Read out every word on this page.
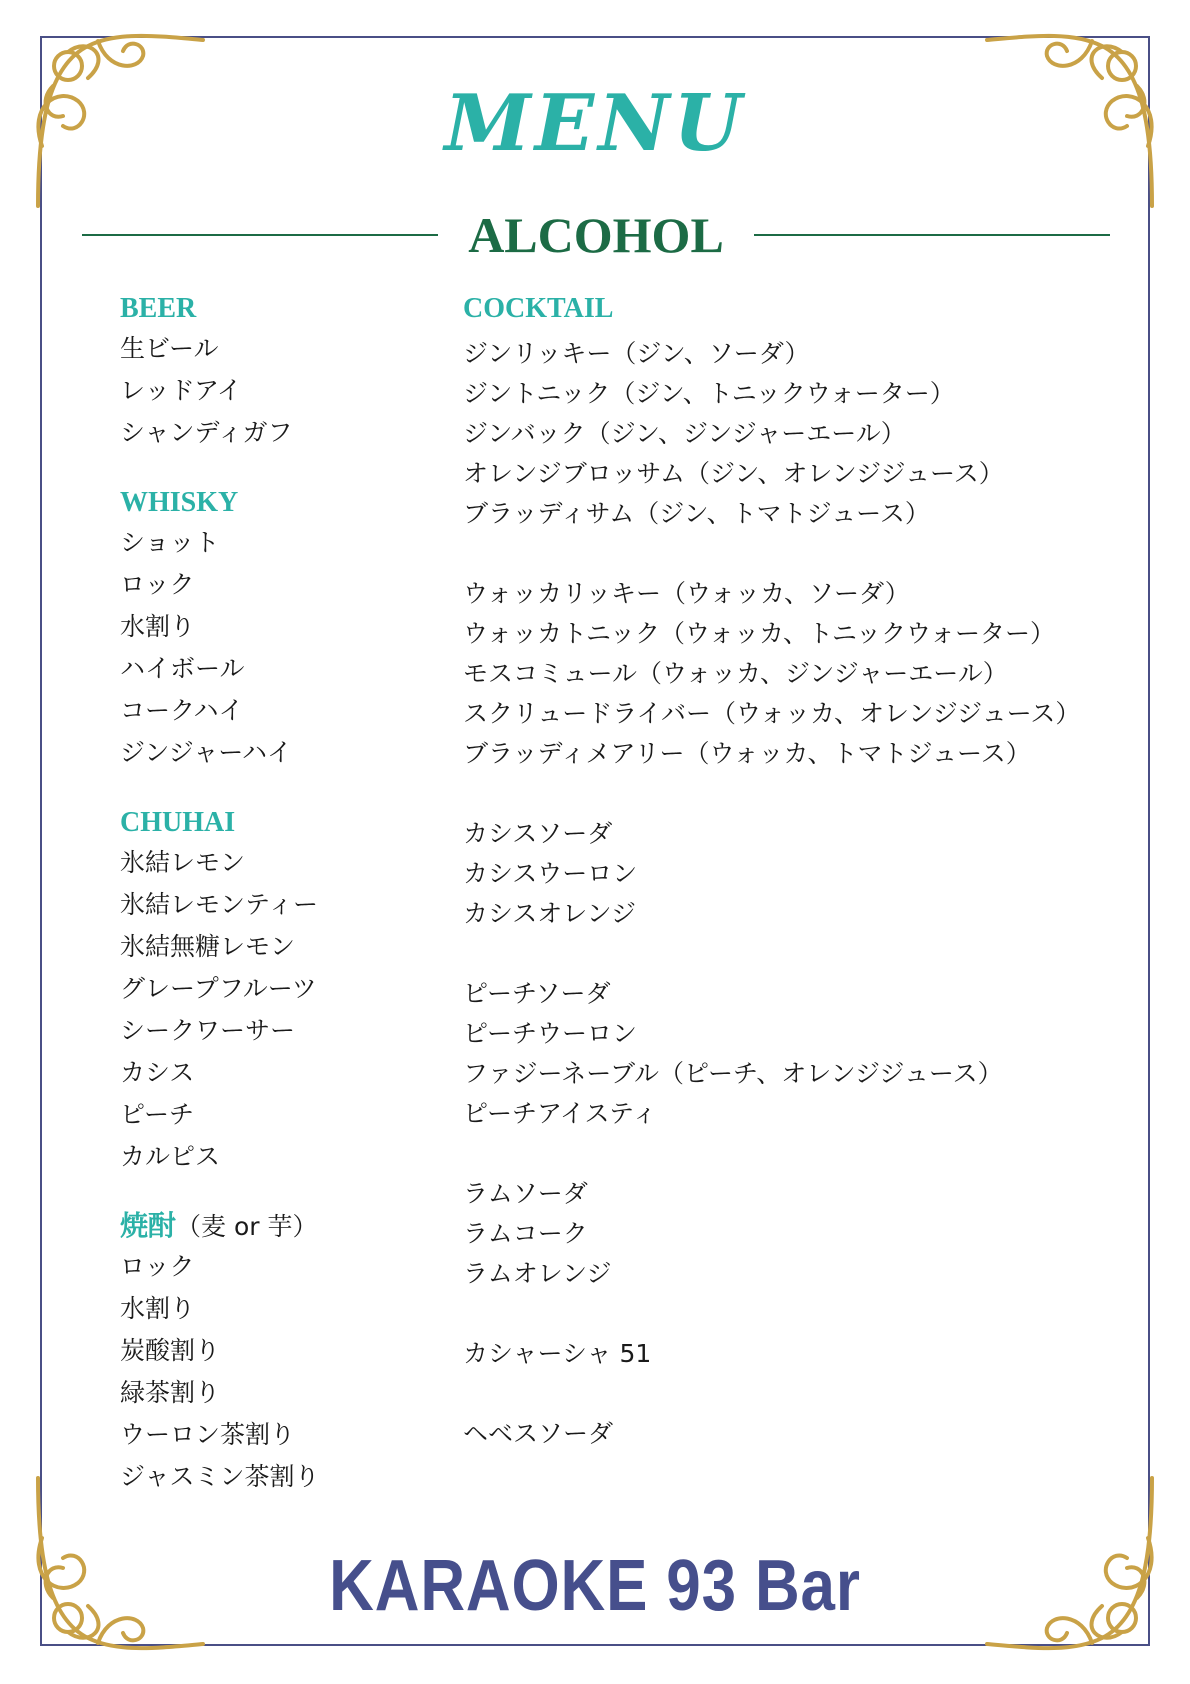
MENU
ALCOHOL
BEER
生ビール
レッドアイ
シャンディガフ
WHISKY
ショット
ロック
水割り
ハイボール
コークハイ
ジンジャーハイ
CHUHAI
氷結レモン
氷結レモンティー
氷結無糖レモン
グレープフルーツ
シークワーサー
カシス
ピーチ
カルピス
焼酎（麦 or 芋）
ロック
水割り
炭酸割り
緑茶割り
ウーロン茶割り
ジャスミン茶割り
COCKTAIL
ジンリッキー（ジン、ソーダ）
ジントニック（ジン、トニックウォーター）
ジンバック（ジン、ジンジャーエール）
オレンジブロッサム（ジン、オレンジジュース）
ブラッディサム（ジン、トマトジュース）
ウォッカリッキー（ウォッカ、ソーダ）
ウォッカトニック（ウォッカ、トニックウォーター）
モスコミュール（ウォッカ、ジンジャーエール）
スクリュードライバー（ウォッカ、オレンジジュース）
ブラッディメアリー（ウォッカ、トマトジュース）
カシスソーダ
カシスウーロン
カシスオレンジ
ピーチソーダ
ピーチウーロン
ファジーネーブル（ピーチ、オレンジジュース）
ピーチアイスティ
ラムソーダ
ラムコーク
ラムオレンジ
カシャーシャ 51
ヘベスソーダ
KARAOKE 93 Bar
